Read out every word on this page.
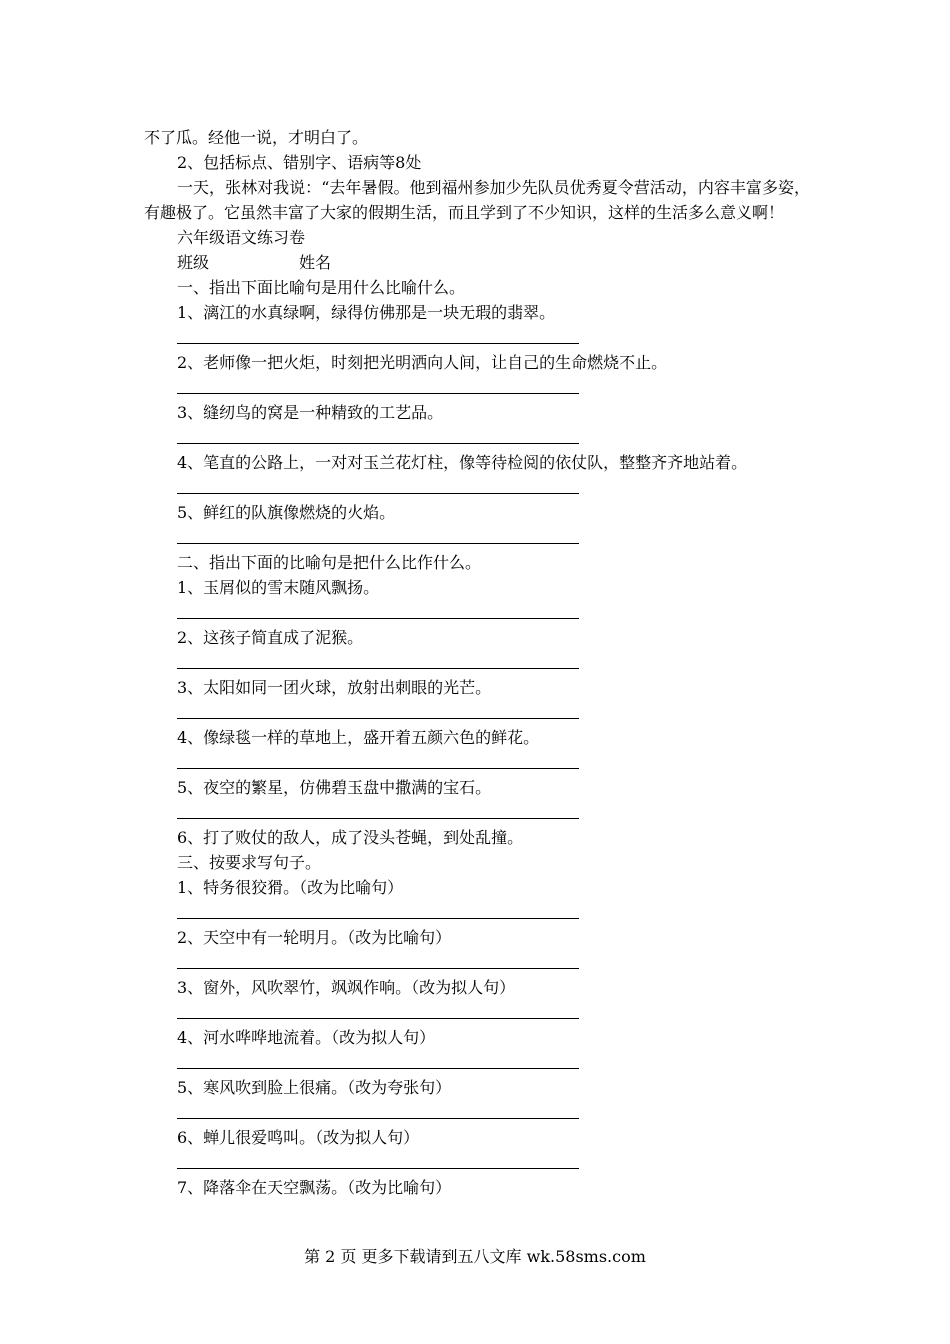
不了瓜。经他一说，才明白了。
2、包括标点、错别字、语病等8处
一天，张林对我说：“去年暑假。他到福州参加少先队员优秀夏令营活动，内容丰富多姿，有趣极了。它虽然丰富了大家的假期生活，而且学到了不少知识，这样的生活多么意义啊！
六年级语文练习卷
班级	姓名
一、指出下面比喻句是用什么比喻什么。
1、漓江的水真绿啊，绿得仿佛那是一块无瑕的翡翠。
2、老师像一把火炬，时刻把光明洒向人间，让自己的生命燃烧不止。
3、缝纫鸟的窝是一种精致的工艺品。
4、笔直的公路上，一对对玉兰花灯柱，像等待检阅的依仗队，整整齐齐地站着。
5、鲜红的队旗像燃烧的火焰。
二、指出下面的比喻句是把什么比作什么。
1、玉屑似的雪末随风飘扬。
2、这孩子简直成了泥猴。
3、太阳如同一团火球，放射出刺眼的光芒。
4、像绿毯一样的草地上，盛开着五颜六色的鲜花。
5、夜空的繁星，仿佛碧玉盘中撒满的宝石。
6、打了败仗的敌人，成了没头苍蝇，到处乱撞。
三、按要求写句子。
1、特务很狡猾。（改为比喻句）
2、天空中有一轮明月。（改为比喻句）
3、窗外，风吹翠竹，飒飒作响。（改为拟人句）
4、河水哗哗地流着。（改为拟人句）
5、寒风吹到脸上很痛。（改为夸张句）
6、蝉儿很爱鸣叫。（改为拟人句）
7、降落伞在天空飘荡。（改为比喻句）
第 2 页 更多下载请到五八文库 wk.58sms.com
